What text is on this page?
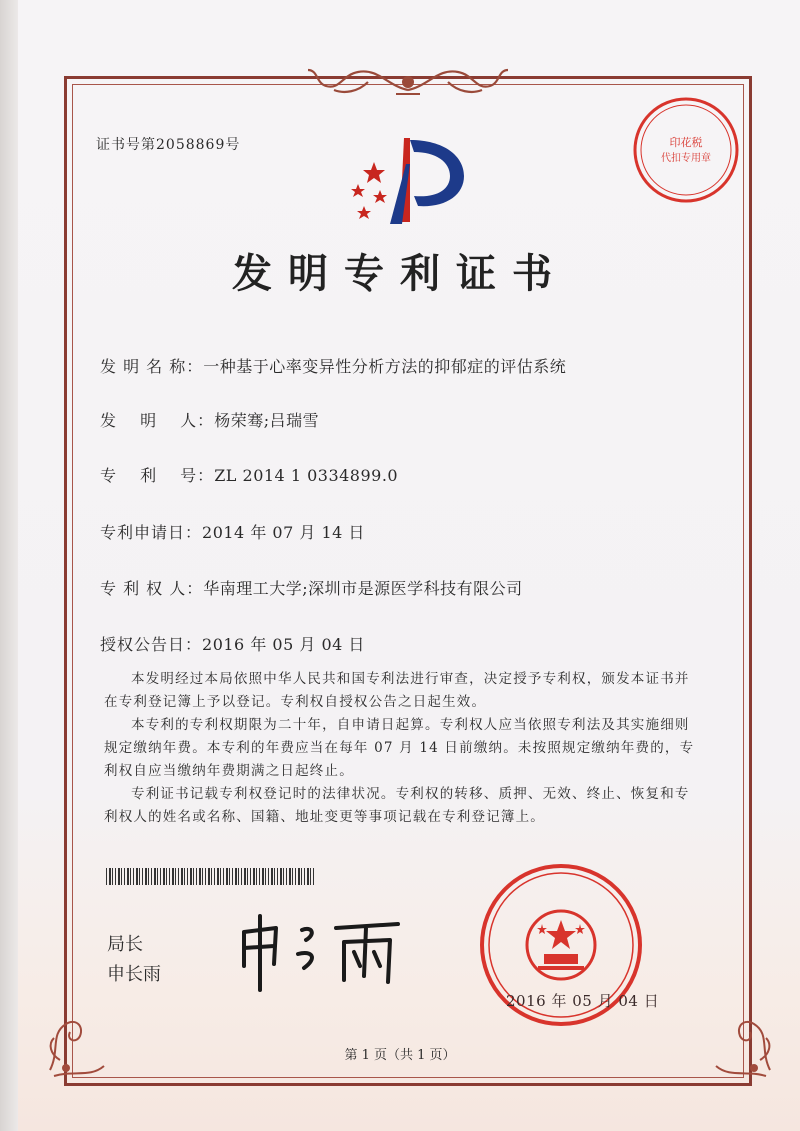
证书号第2058869号	印花税
代扣专用章
发明专利证书
发 明 名 称：一种基于心率变异性分析方法的抑郁症的评估系统
发　 明　 人：杨荣骞;吕瑞雪
专　 利　 号：ZL 2014 1 0334899.0
专利申请日：2014 年 07 月 14 日
专 利 权 人：华南理工大学;深圳市是源医学科技有限公司
授权公告日：2016 年 05 月 04 日

本发明经过本局依照中华人民共和国专利法进行审查，决定授予专利权，颁发本证书并在专利登记簿上予以登记。专利权自授权公告之日起生效。

本专利的专利权期限为二十年，自申请日起算。专利权人应当依照专利法及其实施细则规定缴纳年费。本专利的年费应当在每年 07 月 14 日前缴纳。未按照规定缴纳年费的，专利权自应当缴纳年费期满之日起终止。

专利证书记载专利权登记时的法律状况。专利权的转移、质押、无效、终止、恢复和专利权人的姓名或名称、国籍、地址变更等事项记载在专利登记簿上。

局长
申长雨
2016 年 05 月 04 日
第 1 页（共 1 页）
